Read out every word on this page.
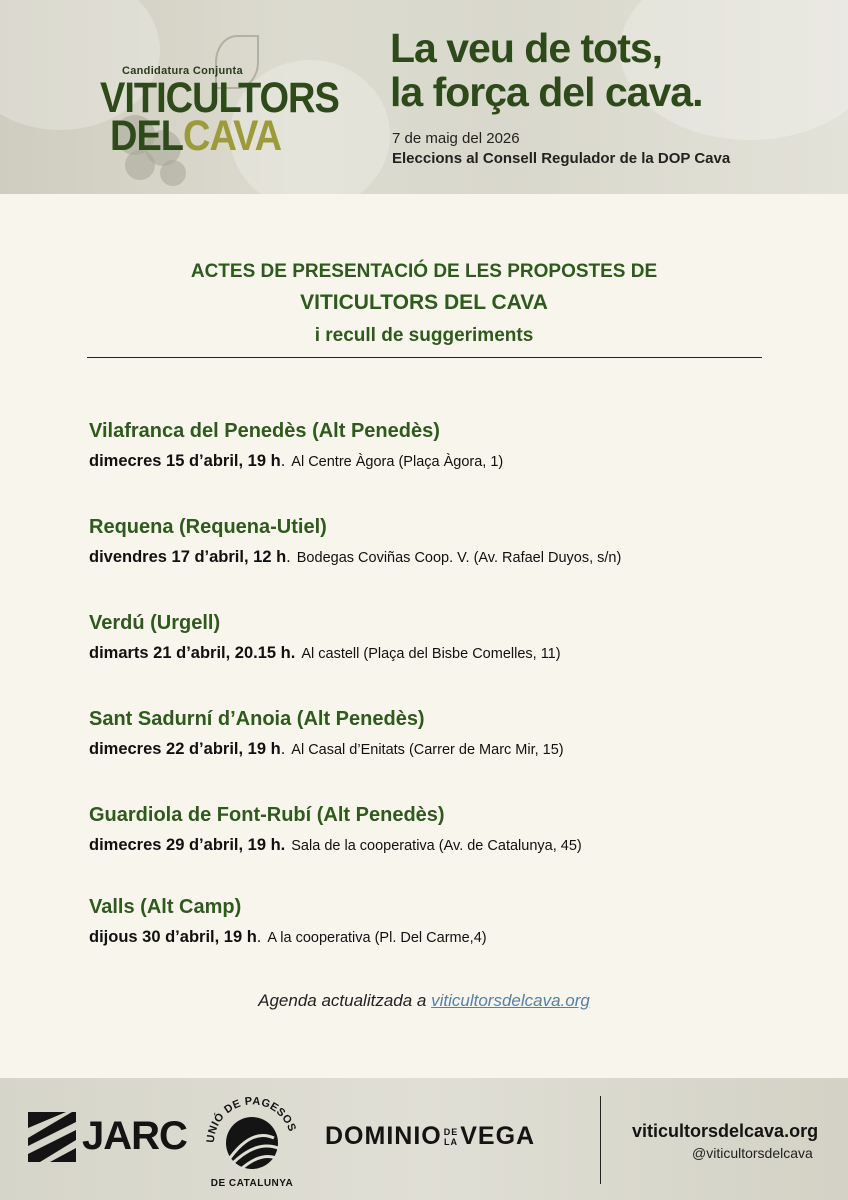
Candidatura Conjunta
VITICULTORS
DELCAVA
La veu de tots,
la força del cava.
7 de maig del 2026
Eleccions al Consell Regulador de la DOP Cava
ACTES DE PRESENTACIÓ DE LES PROPOSTES DE
VITICULTORS DEL CAVA
i recull de suggeriments
Vilafranca del Penedès (Alt Penedès)
dimecres 15 d’abril, 19 h. Al Centre Àgora (Plaça Àgora, 1)
Requena (Requena-Utiel)
divendres 17 d’abril, 12 h. Bodegas Coviñas Coop. V. (Av. Rafael Duyos, s/n)
Verdú (Urgell)
dimarts 21 d’abril, 20.15 h. Al castell (Plaça del Bisbe Comelles, 11)
Sant Sadurní d’Anoia (Alt Penedès)
dimecres 22 d’abril, 19 h. Al Casal d’Enitats (Carrer de Marc Mir, 15)
Guardiola de Font-Rubí (Alt Penedès)
dimecres 29 d’abril, 19 h. Sala de la cooperativa (Av. de Catalunya, 45)
Valls (Alt Camp)
dijous 30 d’abril, 19 h. A la cooperativa (Pl. Del Carme,4)
Agenda actualitzada a viticultorsdelcava.org
JARC UNIÓ DE PAGESOS
DE CATALUNYA
DOMINIO DE
LAVEGA	viticultorsdelcava.org
@viticultorsdelcava
